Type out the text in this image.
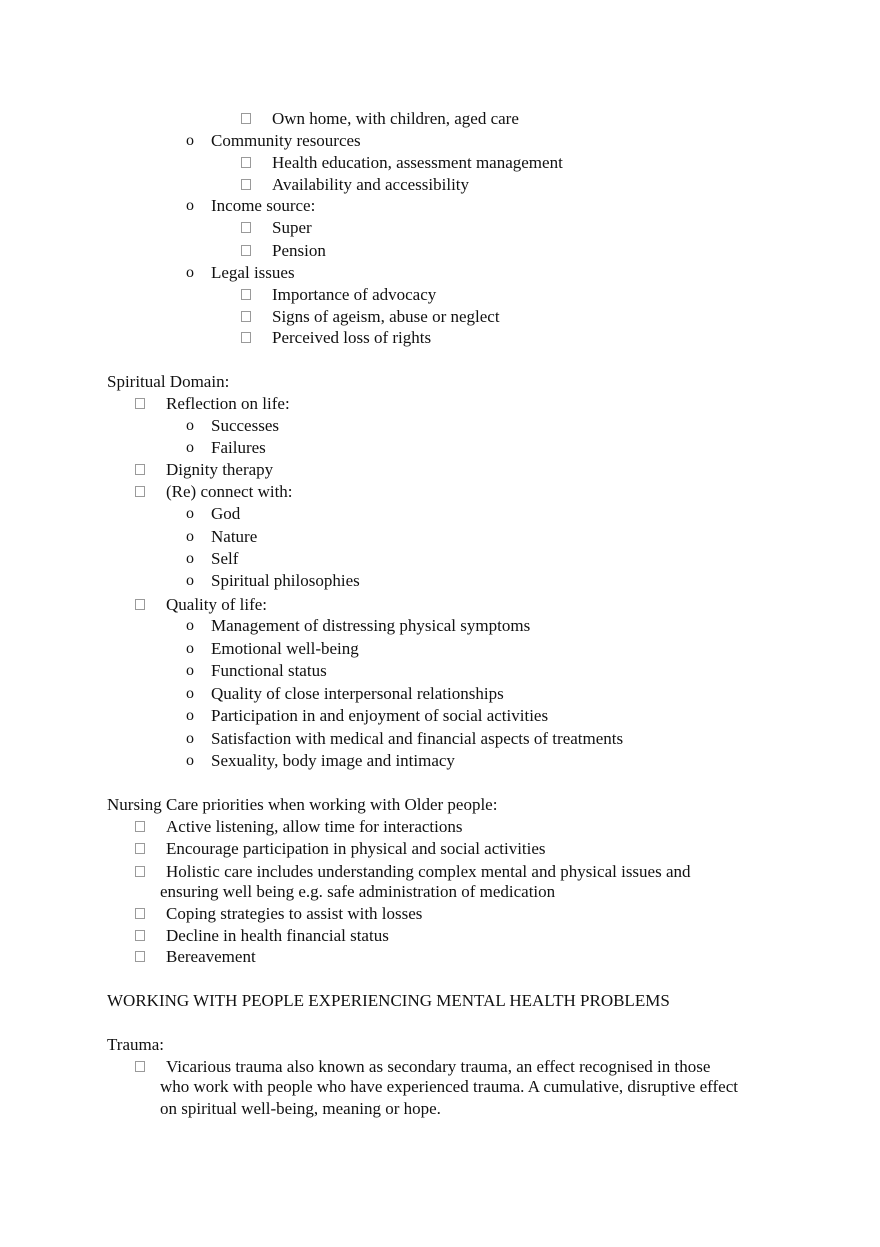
Own home, with children, aged care
o Community resources
Health education, assessment management
Availability and accessibility
o Income source:
Super
Pension
o Legal issues
Importance of advocacy
Signs of ageism, abuse or neglect
Perceived loss of rights
Spiritual Domain:
Reflection on life:
o Successes
o Failures
Dignity therapy
(Re) connect with:
o God
o Nature
o Self
o Spiritual philosophies
Quality of life:
o Management of distressing physical symptoms
o Emotional well-being
o Functional status
o Quality of close interpersonal relationships
o Participation in and enjoyment of social activities
o Satisfaction with medical and financial aspects of treatments
o Sexuality, body image and intimacy
Nursing Care priorities when working with Older people:
Active listening, allow time for interactions
Encourage participation in physical and social activities
Holistic care includes understanding complex mental and physical issues and
ensuring well being e.g. safe administration of medication
Coping strategies to assist with losses
Decline in health financial status
Bereavement
WORKING WITH PEOPLE EXPERIENCING MENTAL HEALTH PROBLEMS
Trauma:
Vicarious trauma also known as secondary trauma, an effect recognised in those
who work with people who have experienced trauma. A cumulative, disruptive effect
on spiritual well-being, meaning or hope.
